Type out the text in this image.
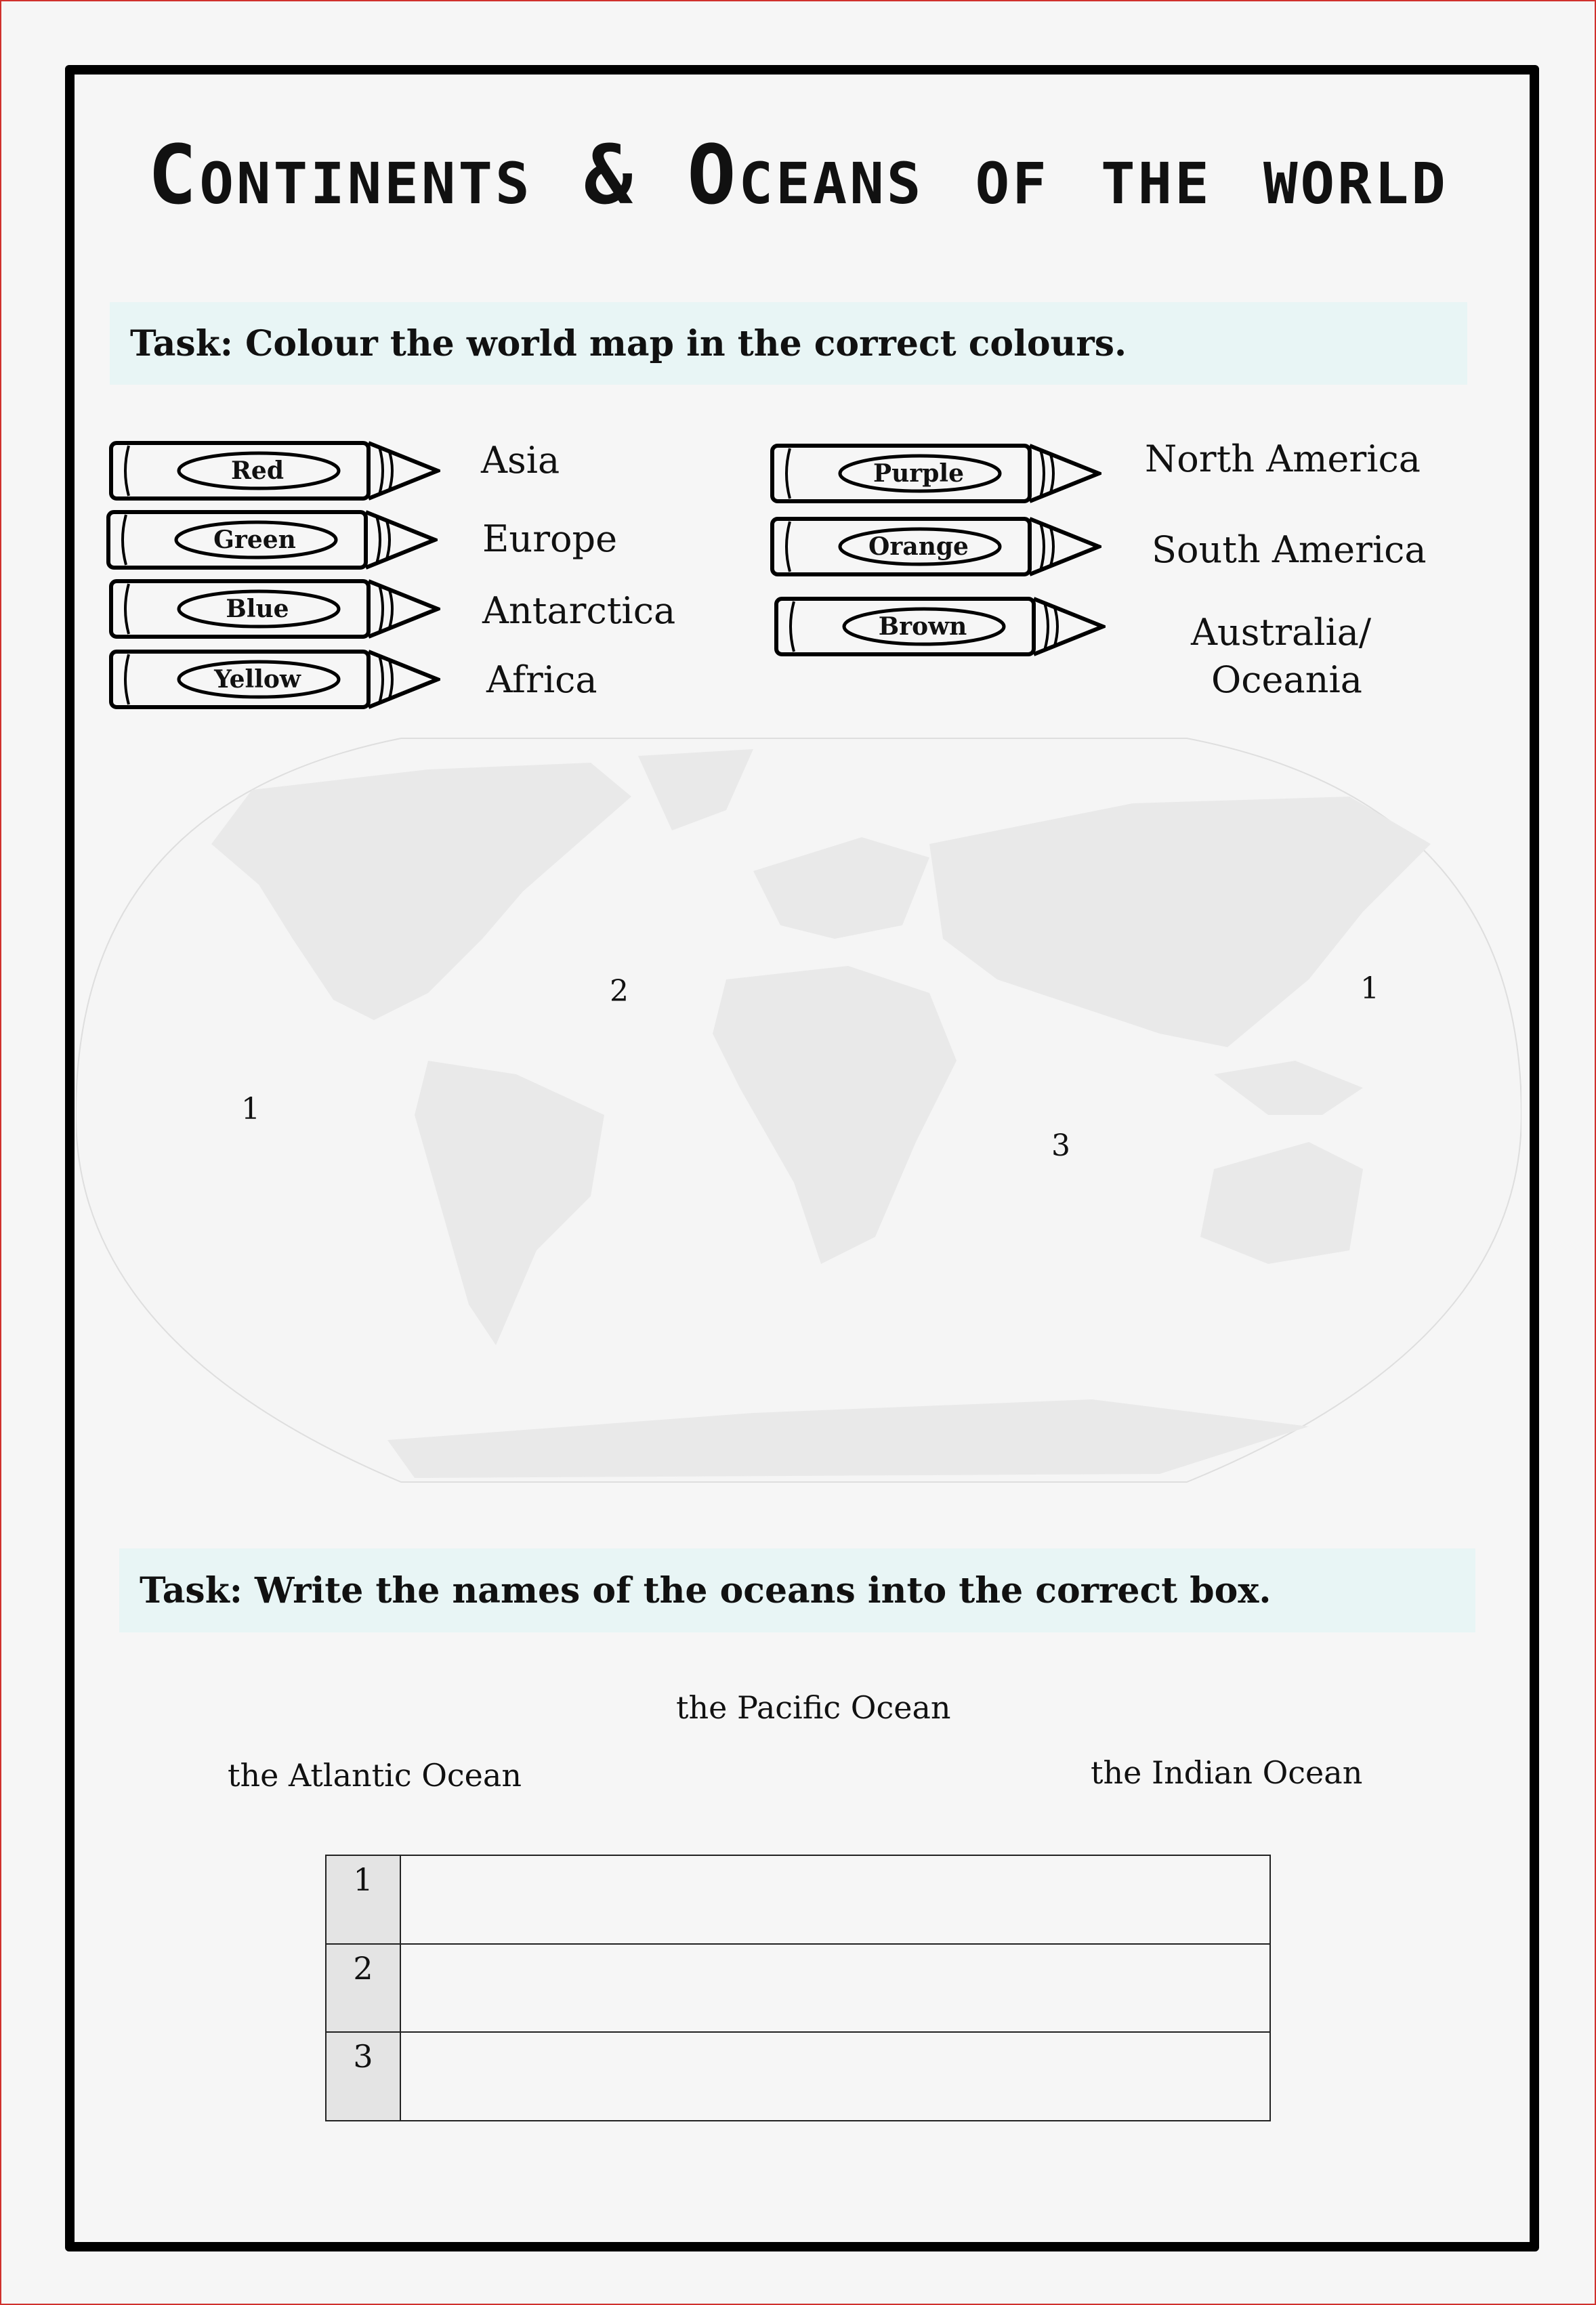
Continents & Oceans of the world
Task: Colour the world map in the correct colours.
Red
Green
Blue
Yellow
Purple
Orange
Brown
Asia
Europe
Antarctica
Africa
North America
South America
Australia/
Oceania
1
2	1
3
Task: Write the names of the oceans into the correct box.
the Pacific Ocean
the Atlantic Ocean	the Indian Ocean
1	
2	
3	
